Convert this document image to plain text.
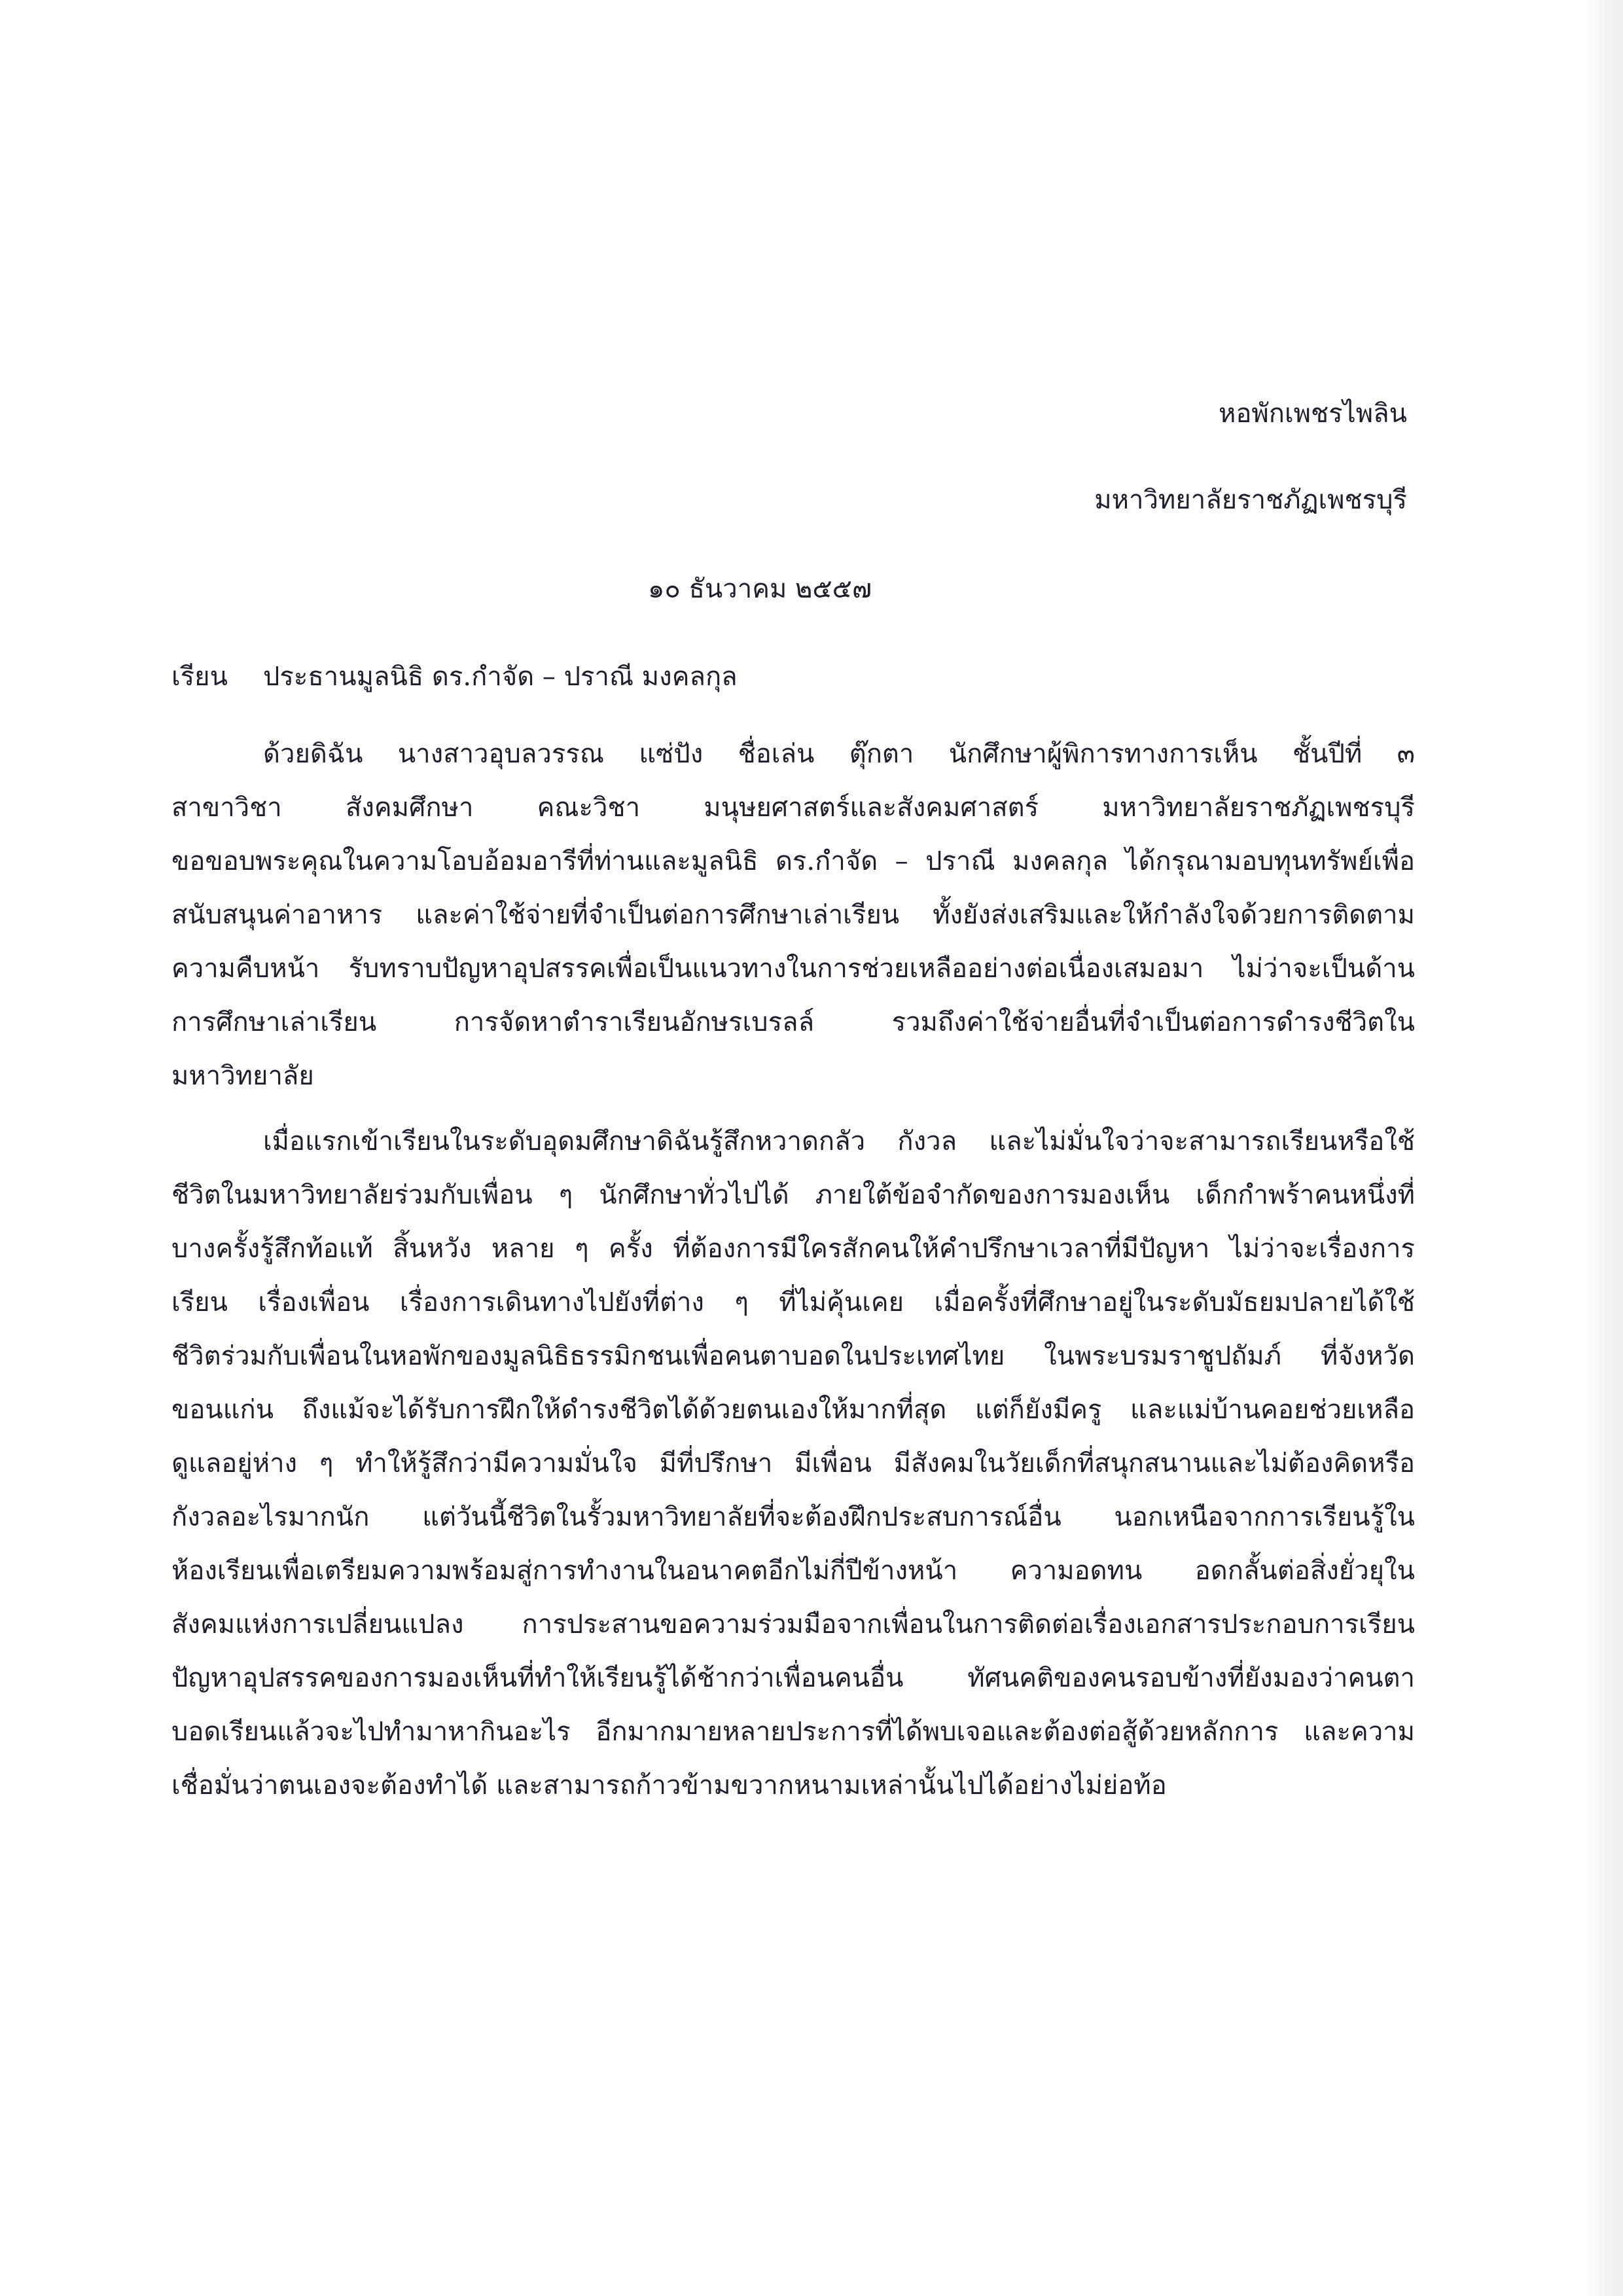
หอพักเพชรไพลิน
มหาวิทยาลัยราชภัฏเพชรบุรี
๑๐ ธันวาคม ๒๕๕๗
เรียน ประธานมูลนิธิ ดร.กำจัด – ปราณี มงคลกุล
ด้วยดิฉัน นางสาวอุบลวรรณ แซ่ปัง ชื่อเล่น ตุ๊กตา นักศึกษาผู้พิการทางการเห็น ชั้นปีที่ ๓
สาขาวิชา สังคมศึกษา คณะวิชา มนุษยศาสตร์และสังคมศาสตร์ มหาวิทยาลัยราชภัฏเพชรบุรี
ขอขอบพระคุณในความโอบอ้อมอารีที่ท่านและมูลนิธิ ดร.กำจัด – ปราณี มงคลกุล ได้กรุณามอบทุนทรัพย์เพื่อ
สนับสนุนค่าอาหาร และค่าใช้จ่ายที่จำเป็นต่อการศึกษาเล่าเรียน ทั้งยังส่งเสริมและให้กำลังใจด้วยการติดตาม
ความคืบหน้า รับทราบปัญหาอุปสรรคเพื่อเป็นแนวทางในการช่วยเหลืออย่างต่อเนื่องเสมอมา ไม่ว่าจะเป็นด้าน
การศึกษาเล่าเรียน การจัดหาตำราเรียนอักษรเบรลล์ รวมถึงค่าใช้จ่ายอื่นที่จำเป็นต่อการดำรงชีวิตใน
มหาวิทยาลัย
เมื่อแรกเข้าเรียนในระดับอุดมศึกษาดิฉันรู้สึกหวาดกลัว กังวล และไม่มั่นใจว่าจะสามารถเรียนหรือใช้
ชีวิตในมหาวิทยาลัยร่วมกับเพื่อน ๆ นักศึกษาทั่วไปได้ ภายใต้ข้อจำกัดของการมองเห็น เด็กกำพร้าคนหนึ่งที่
บางครั้งรู้สึกท้อแท้ สิ้นหวัง หลาย ๆ ครั้ง ที่ต้องการมีใครสักคนให้คำปรึกษาเวลาที่มีปัญหา ไม่ว่าจะเรื่องการ
เรียน เรื่องเพื่อน เรื่องการเดินทางไปยังที่ต่าง ๆ ที่ไม่คุ้นเคย เมื่อครั้งที่ศึกษาอยู่ในระดับมัธยมปลายได้ใช้
ชีวิตร่วมกับเพื่อนในหอพักของมูลนิธิธรรมิกชนเพื่อคนตาบอดในประเทศไทย ในพระบรมราชูปถัมภ์ ที่จังหวัด
ขอนแก่น ถึงแม้จะได้รับการฝึกให้ดำรงชีวิตได้ด้วยตนเองให้มากที่สุด แต่ก็ยังมีครู และแม่บ้านคอยช่วยเหลือ
ดูแลอยู่ห่าง ๆ ทำให้รู้สึกว่ามีความมั่นใจ มีที่ปรึกษา มีเพื่อน มีสังคมในวัยเด็กที่สนุกสนานและไม่ต้องคิดหรือ
กังวลอะไรมากนัก แต่วันนี้ชีวิตในรั้วมหาวิทยาลัยที่จะต้องฝึกประสบการณ์อื่น นอกเหนือจากการเรียนรู้ใน
ห้องเรียนเพื่อเตรียมความพร้อมสู่การทำงานในอนาคตอีกไม่กี่ปีข้างหน้า ความอดทน อดกลั้นต่อสิ่งยั่วยุใน
สังคมแห่งการเปลี่ยนแปลง การประสานขอความร่วมมือจากเพื่อนในการติดต่อเรื่องเอกสารประกอบการเรียน
ปัญหาอุปสรรคของการมองเห็นที่ทำให้เรียนรู้ได้ช้ากว่าเพื่อนคนอื่น ทัศนคติของคนรอบข้างที่ยังมองว่าคนตา
บอดเรียนแล้วจะไปทำมาหากินอะไร อีกมากมายหลายประการที่ได้พบเจอและต้องต่อสู้ด้วยหลักการ และความ
เชื่อมั่นว่าตนเองจะต้องทำได้ และสามารถก้าวข้ามขวากหนามเหล่านั้นไปได้อย่างไม่ย่อท้อ
